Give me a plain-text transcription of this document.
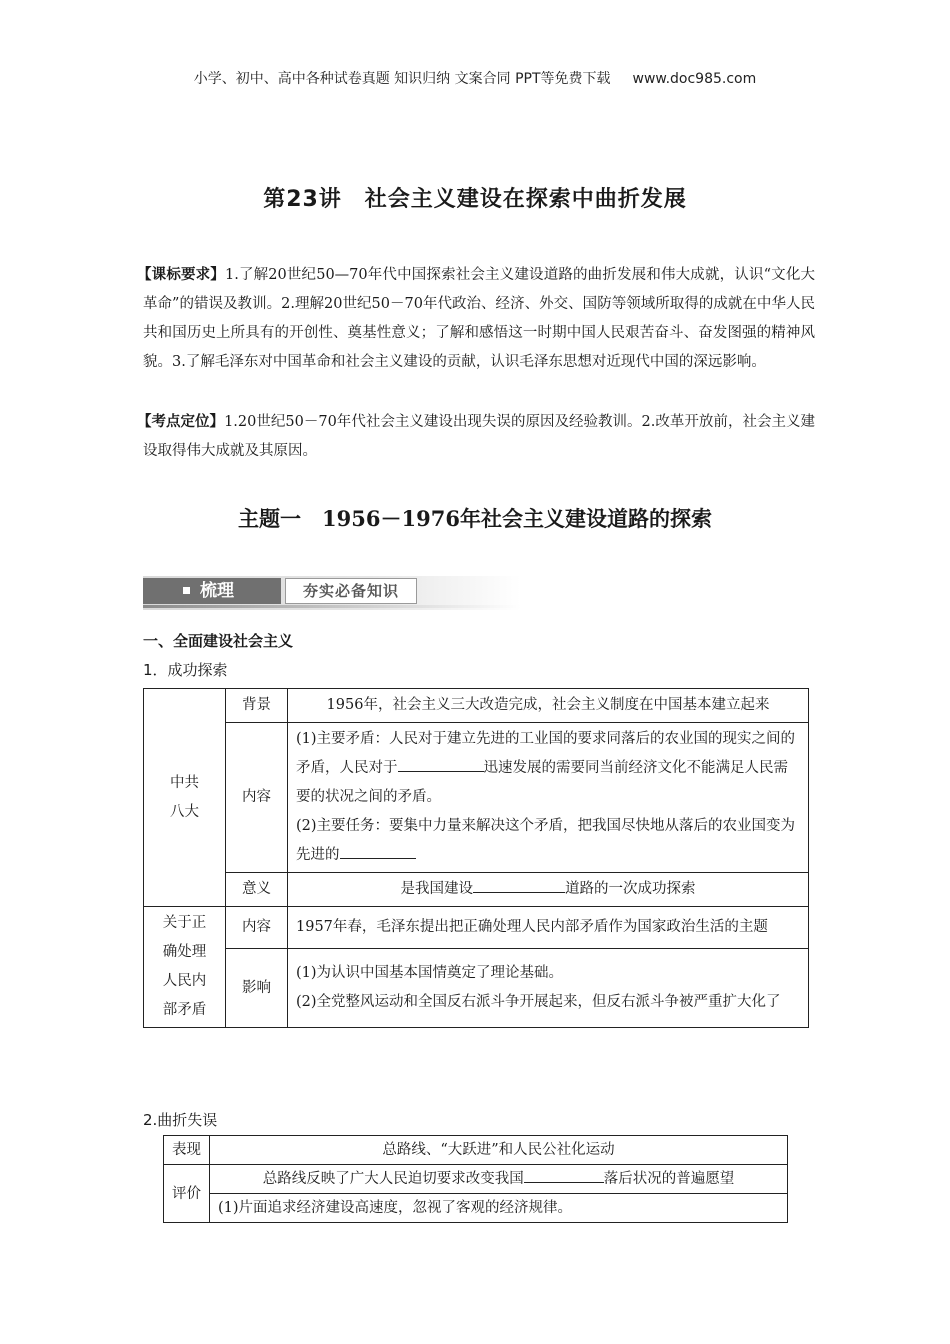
小学、初中、高中各种试卷真题 知识归纳 文案合同 PPT等免费下载 www.doc985.com
第23讲　社会主义建设在探索中曲折发展
【课标要求】1.了解20世纪50—70年代中国探索社会主义建设道路的曲折发展和伟大成就，认识“文化大革命”的错误及教训。2.理解20世纪50－70年代政治、经济、外交、国防等领域所取得的成就在中华人民共和国历史上所具有的开创性、奠基性意义；了解和感悟这一时期中国人民艰苦奋斗、奋发图强的精神风貌。3.了解毛泽东对中国革命和社会主义建设的贡献，认识毛泽东思想对近现代中国的深远影响。
【考点定位】1.20世纪50－70年代社会主义建设出现失误的原因及经验教训。2.改革开放前，社会主义建设取得伟大成就及其原因。
主题一　1956－1976年社会主义建设道路的探索
梳理	夯实必备知识
一、全面建设社会主义
1．成功探索
中共
八大	背景	1956年，社会主义三大改造完成，社会主义制度在中国基本建立起来
	内容	(1)主要矛盾：人民对于建立先进的工业国的要求同落后的农业国的现实之间的矛盾，人民对于 迅速发展的需要同当前经济文化不能满足人民需要的状况之间的矛盾。
(2)主要任务：要集中力量来解决这个矛盾，把我国尽快地从落后的农业国变为先进的
	意义	是我国建设 道路的一次成功探索

关于正
确处理
人民内
部矛盾	内容	1957年春，毛泽东提出把正确处理人民内部矛盾作为国家政治生活的主题
	影响	(1)为认识中国基本国情奠定了理论基础。
(2)全党整风运动和全国反右派斗争开展起来，但反右派斗争被严重扩大化了
2.曲折失误
表现	总路线、“大跃进”和人民公社化运动
评价	总路线反映了广大人民迫切要求改变我国 落后状况的普遍愿望
	(1)片面追求经济建设高速度，忽视了客观的经济规律。
